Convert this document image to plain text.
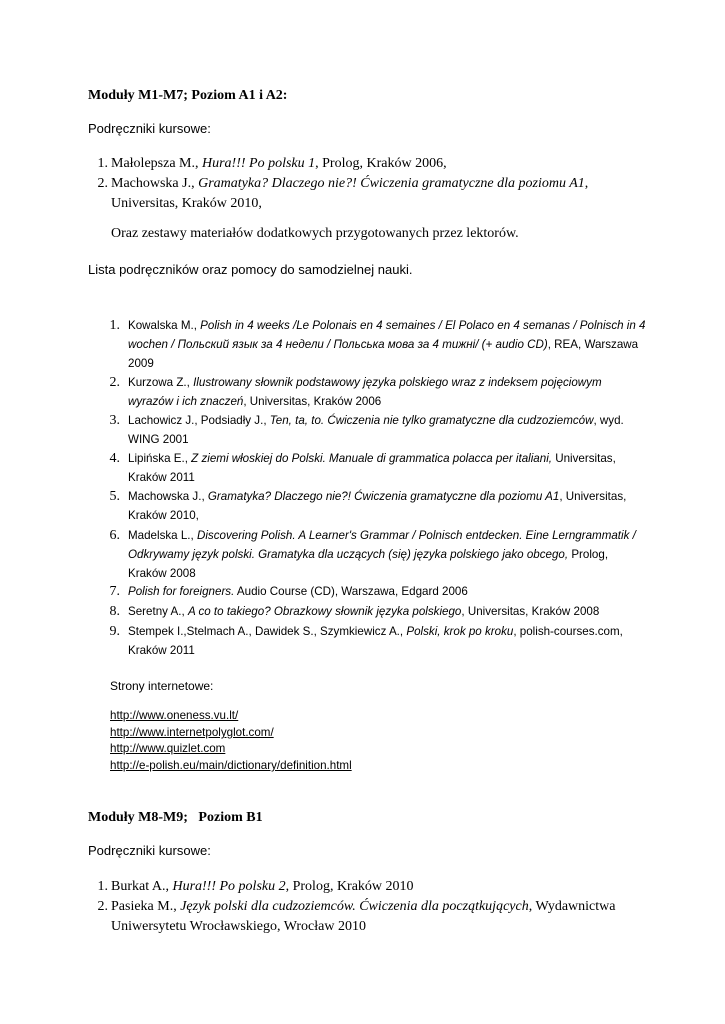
Moduły M1-M7; Poziom A1 i A2:
Podręczniki kursowe:
1. Małolepsza M., Hura!!! Po polsku 1, Prolog, Kraków 2006,
2. Machowska J., Gramatyka? Dlaczego nie?! Ćwiczenia gramatyczne dla poziomu A1, Universitas, Kraków 2010,
Oraz zestawy materiałów dodatkowych przygotowanych przez lektorów.
Lista podręczników oraz pomocy do samodzielnej nauki.
1. Kowalska M., Polish in 4 weeks /Le Polonais en 4 semaines / El Polaco en 4 semanas / Polnisch in 4 wochen / Польский язык за 4 недели / Польська мова за 4 тижні/ (+ audio CD), REA, Warszawa 2009
2. Kurzowa Z., Ilustrowany słownik podstawowy języka polskiego wraz z indeksem pojęciowym wyrazów i ich znaczeń, Universitas, Kraków 2006
3. Lachowicz J., Podsiadły J., Ten, ta, to. Ćwiczenia nie tylko gramatyczne dla cudzoziemców, wyd. WING 2001
4. Lipińska E., Z ziemi włoskiej do Polski. Manuale di grammatica polacca per italiani, Universitas, Kraków 2011
5. Machowska J., Gramatyka? Dlaczego nie?! Ćwiczenia gramatyczne dla poziomu A1, Universitas, Kraków 2010,
6. Madelska L., Discovering Polish. A Learner's Grammar / Polnisch entdecken. Eine Lerngrammatik / Odkrywamy język polski. Gramatyka dla uczących (się) języka polskiego jako obcego, Prolog, Kraków 2008
7. Polish for foreigners. Audio Course (CD), Warszawa, Edgard 2006
8. Seretny A., A co to takiego? Obrazkowy słownik języka polskiego, Universitas, Kraków 2008
9. Stempek I.,Stelmach A., Dawidek S., Szymkiewicz A., Polski, krok po kroku, polish-courses.com, Kraków 2011
Strony internetowe:
http://www.oneness.vu.lt/
http://www.internetpolyglot.com/
http://www.quizlet.com
http://e-polish.eu/main/dictionary/definition.html
Moduły M8-M9;   Poziom B1
Podręczniki kursowe:
1. Burkat A., Hura!!! Po polsku 2, Prolog, Kraków 2010
2. Pasieka M., Język polski dla cudzoziemców. Ćwiczenia dla początkujących, Wydawnictwa Uniwersytetu Wrocławskiego, Wrocław 2010
